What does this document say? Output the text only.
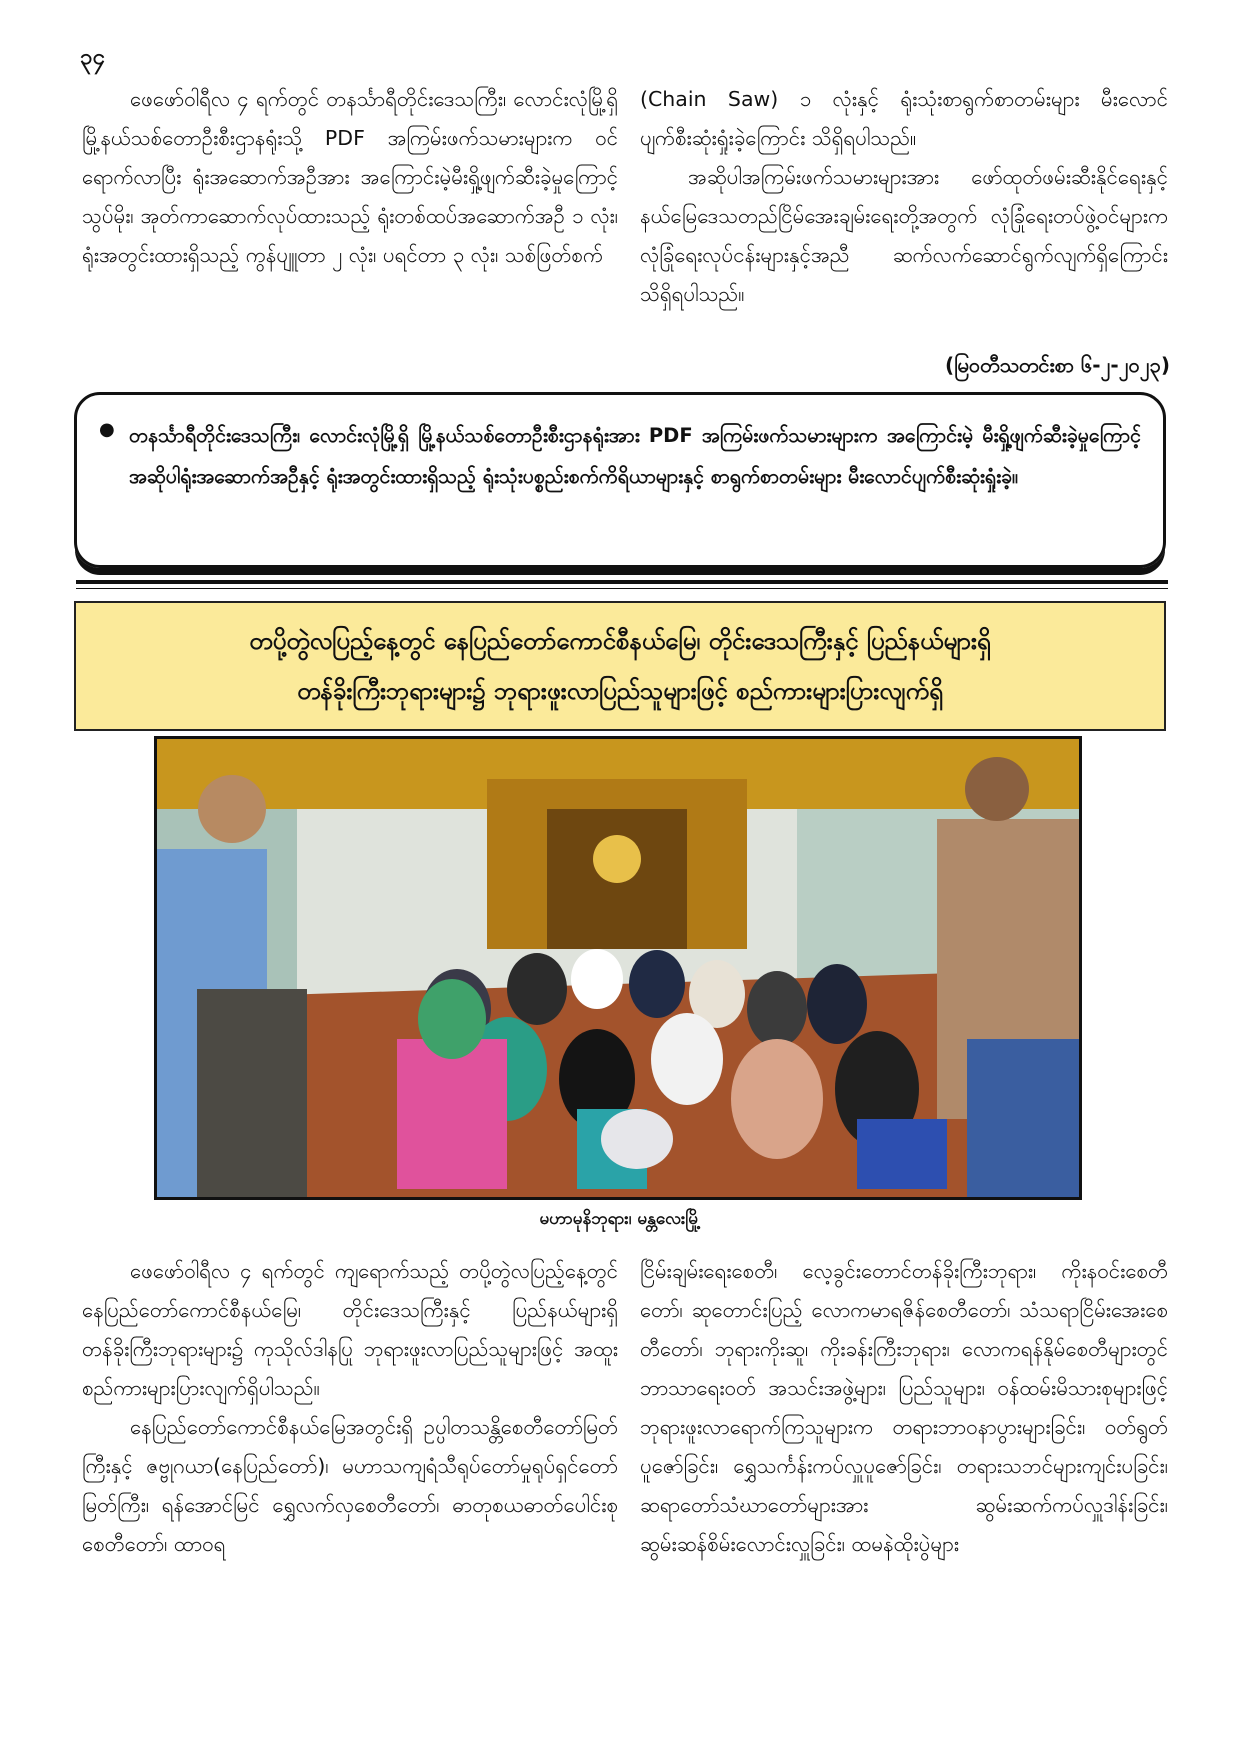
၃၄

ဖေဖော်ဝါရီလ ၄ ရက်တွင် တနင်္သာရီတိုင်းဒေသကြီး၊ လောင်းလုံမြို့ရှိ မြို့နယ်သစ်တောဦးစီးဌာနရုံးသို့ PDF အကြမ်းဖက်သမားများက ဝင်ရောက်လာပြီး ရုံးအဆောက်အဦအား အကြောင်းမဲ့မီးရှို့ဖျက်ဆီးခဲ့မှုကြောင့် သွပ်မိုး၊ အုတ်ကာဆောက်လုပ်ထားသည့် ရုံးတစ်ထပ်အဆောက်အဦ ၁ လုံး၊ ရုံးအတွင်းထားရှိသည့် ကွန်ပျူတာ ၂ လုံး၊ ပရင်တာ ၃ လုံး၊ သစ်ဖြတ်စက်

(Chain Saw) ၁ လုံးနှင့် ရုံးသုံးစာရွက်စာတမ်းများ မီးလောင်ပျက်စီးဆုံးရှုံးခဲ့ကြောင်း သိရှိရပါသည်။

အဆိုပါအကြမ်းဖက်သမားများအား ဖော်ထုတ်ဖမ်းဆီးနိုင်ရေးနှင့် နယ်မြေဒေသတည်ငြိမ်အေးချမ်းရေးတို့အတွက် လုံခြုံရေးတပ်ဖွဲ့ဝင်များက လုံခြုံရေးလုပ်ငန်းများနှင့်အညီ ဆက်လက်ဆောင်ရွက်လျက်ရှိကြောင်း သိရှိရပါသည်။

(မြဝတီသတင်းစာ ၆-၂-၂၀၂၃)
● တနင်္သာရီတိုင်းဒေသကြီး၊ လောင်းလုံမြို့ရှိ မြို့နယ်သစ်တောဦးစီးဌာနရုံးအား PDF အကြမ်းဖက်သမားများက အကြောင်းမဲ့ မီးရှို့ဖျက်ဆီးခဲ့မှုကြောင့် အဆိုပါရုံးအဆောက်အဦနှင့် ရုံးအတွင်းထားရှိသည့် ရုံးသုံးပစ္စည်းစက်ကိရိယာများနှင့် စာရွက်စာတမ်းများ မီးလောင်ပျက်စီးဆုံးရှုံးခဲ့။
တပို့တွဲလပြည့်နေ့တွင် နေပြည်တော်ကောင်စီနယ်မြေ၊ တိုင်းဒေသကြီးနှင့် ပြည်နယ်များရှိ
တန်ခိုးကြီးဘုရားများ၌ ဘုရားဖူးလာပြည်သူများဖြင့် စည်ကားများပြားလျက်ရှိ
မဟာမုနိဘုရား၊ မန္တလေးမြို့

ဖေဖော်ဝါရီလ ၄ ရက်တွင် ကျရောက်သည့် တပို့တွဲလပြည့်နေ့တွင် နေပြည်တော်ကောင်စီနယ်မြေ၊ တိုင်းဒေသကြီးနှင့် ပြည်နယ်များရှိ တန်ခိုးကြီးဘုရားများ၌ ကုသိုလ်ဒါနပြု ဘုရားဖူးလာပြည်သူများဖြင့် အထူးစည်ကားများပြားလျက်ရှိပါသည်။

နေပြည်တော်ကောင်စီနယ်မြေအတွင်းရှိ ဥပ္ပါတသန္တိစေတီတော်မြတ်ကြီးနှင့် ဇဗ္ဗုဂယာ(နေပြည်တော်)၊ မဟာသကျရံသီရုပ်တော်မှုရုပ်ရှင်တော်မြတ်ကြီး၊ ရန်အောင်မြင် ရွှေလက်လှစေတီတော်၊ ဓာတုစယဓာတ်ပေါင်းစုစေတီတော်၊ ထာဝရ

ငြိမ်းချမ်းရေးစေတီ၊ လေ့ခွင်းတောင်တန်ခိုးကြီးဘုရား၊ ကိုးနဝင်းစေတီတော်၊ ဆုတောင်းပြည့် လောကမာရဇိန်စေတီတော်၊ သံသရာငြိမ်းအေးစေတီတော်၊ ဘုရားကိုးဆူ၊ ကိုးခန်းကြီးဘုရား၊ လောကရန်နိုမ်စေတီများတွင် ဘာသာရေးဝတ် အသင်းအဖွဲ့များ၊ ပြည်သူများ၊ ဝန်ထမ်းမိသားစုများဖြင့် ဘုရားဖူးလာရောက်ကြသူများက တရားဘာဝနာပွားများခြင်း၊ ဝတ်ရွတ်ပူဇော်ခြင်း၊ ရွှေသင်္ကန်းကပ်လှူပူဇော်ခြင်း၊ တရားသဘင်များကျင်းပခြင်း၊ ဆရာတော်သံဃာတော်များအား ဆွမ်းဆက်ကပ်လှူဒါန်းခြင်း၊ ဆွမ်းဆန်စိမ်းလောင်းလှူခြင်း၊ ထမနဲထိုးပွဲများ
